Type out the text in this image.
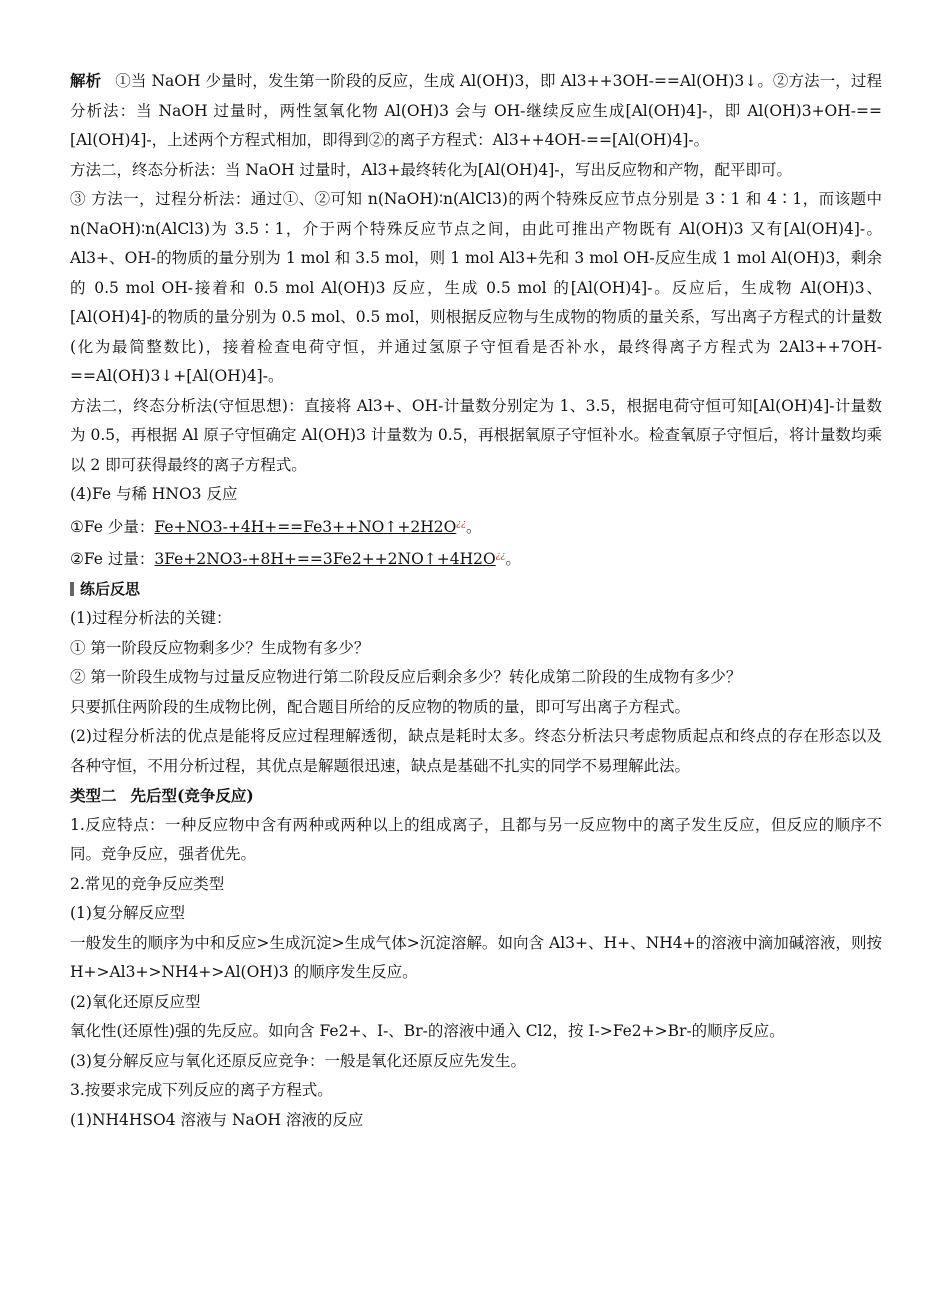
解析 ①当 NaOH 少量时，发生第一阶段的反应，生成 Al(OH)3，即 Al3++3OH-==Al(OH)3↓。②方法一，过程分析法：当 NaOH 过量时，两性氢氧化物 Al(OH)3 会与 OH-继续反应生成[Al(OH)4]-，即 Al(OH)3+OH-==[Al(OH)4]-，上述两个方程式相加，即得到②的离子方程式：Al3++4OH-==[Al(OH)4]-。

方法二，终态分析法：当 NaOH 过量时，Al3+最终转化为[Al(OH)4]-，写出反应物和产物，配平即可。

③ 方法一，过程分析法：通过①、②可知 n(NaOH)∶n(AlCl3)的两个特殊反应节点分别是 3∶1 和 4∶1，而该题中 n(NaOH)∶n(AlCl3)为 3.5∶1，介于两个特殊反应节点之间，由此可推出产物既有 Al(OH)3 又有[Al(OH)4]-。Al3+、OH-的物质的量分别为 1 mol 和 3.5 mol，则 1 mol Al3+先和 3 mol OH-反应生成 1 mol Al(OH)3，剩余的 0.5 mol OH-接着和 0.5 mol Al(OH)3 反应，生成 0.5 mol 的[Al(OH)4]-。反应后，生成物 Al(OH)3、[Al(OH)4]-的物质的量分别为 0.5 mol、0.5 mol，则根据反应物与生成物的物质的量关系，写出离子方程式的计量数(化为最简整数比)，接着检查电荷守恒，并通过氢原子守恒看是否补水，最终得离子方程式为 2Al3++7OH-==Al(OH)3↓+[Al(OH)4]-。

方法二，终态分析法(守恒思想)：直接将 Al3+、OH-计量数分别定为 1、3.5，根据电荷守恒可知[Al(OH)4]-计量数为 0.5，再根据 Al 原子守恒确定 Al(OH)3 计量数为 0.5，再根据氧原子守恒补水。检查氧原子守恒后，将计量数均乘以 2 即可获得最终的离子方程式。

(4)Fe 与稀 HNO3 反应

①Fe 少量：Fe+NO3-+4H+==Fe3++NO↑+2H2O¿¿。

②Fe 过量：3Fe+2NO3-+8H+==3Fe2++2NO↑+4H2O¿¿。

练后反思

(1)过程分析法的关键：

① 第一阶段反应物剩多少？生成物有多少？

② 第一阶段生成物与过量反应物进行第二阶段反应后剩余多少？转化成第二阶段的生成物有多少？

只要抓住两阶段的生成物比例，配合题目所给的反应物的物质的量，即可写出离子方程式。

(2)过程分析法的优点是能将反应过程理解透彻，缺点是耗时太多。终态分析法只考虑物质起点和终点的存在形态以及各种守恒，不用分析过程，其优点是解题很迅速，缺点是基础不扎实的同学不易理解此法。

类型二 先后型(竞争反应)

1.反应特点：一种反应物中含有两种或两种以上的组成离子，且都与另一反应物中的离子发生反应，但反应的顺序不同。竞争反应，强者优先。

2.常见的竞争反应类型

(1)复分解反应型

一般发生的顺序为中和反应>生成沉淀>生成气体>沉淀溶解。如向含 Al3+、H+、NH4+的溶液中滴加碱溶液，则按 H+>Al3+>NH4+>Al(OH)3 的顺序发生反应。

(2)氧化还原反应型

氧化性(还原性)强的先反应。如向含 Fe2+、I-、Br-的溶液中通入 Cl2，按 I->Fe2+>Br-的顺序反应。

(3)复分解反应与氧化还原反应竞争：一般是氧化还原反应先发生。

3.按要求完成下列反应的离子方程式。

(1)NH4HSO4 溶液与 NaOH 溶液的反应
